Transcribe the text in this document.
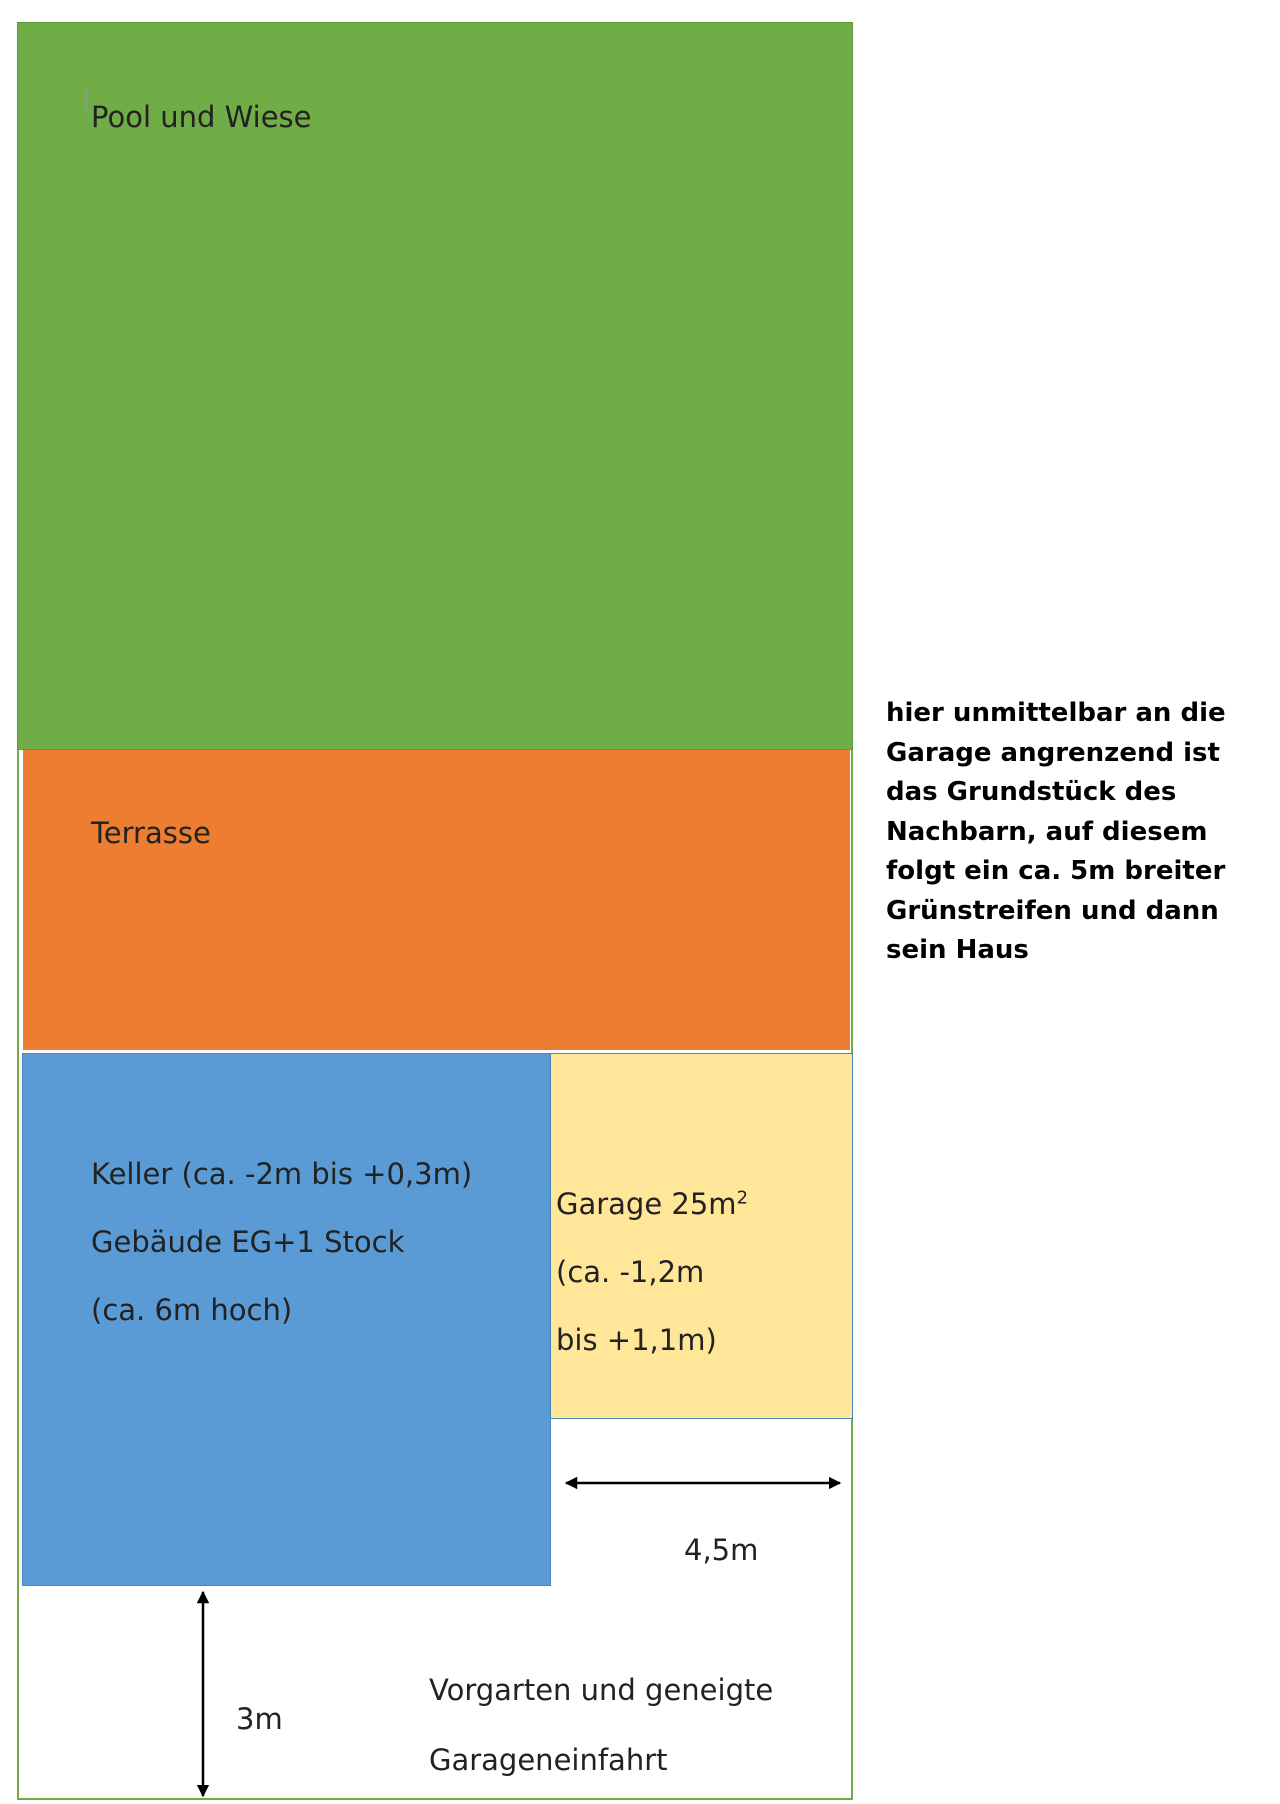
Pool und Wiese
Terrasse
Keller (ca. -2m bis +0,3m)
Gebäude EG+1 Stock
(ca. 6m hoch)
Garage $25m^2$
(ca. -1,2m
bis +1,1m)
4,5m
3m
Vorgarten und geneigte
Garageneinfahrt
hier unmittelbar an die
Garage angrenzend ist
das Grundstück des
Nachbarn, auf diesem
folgt ein ca. 5m breiter
Grünstreifen und dann
sein Haus
